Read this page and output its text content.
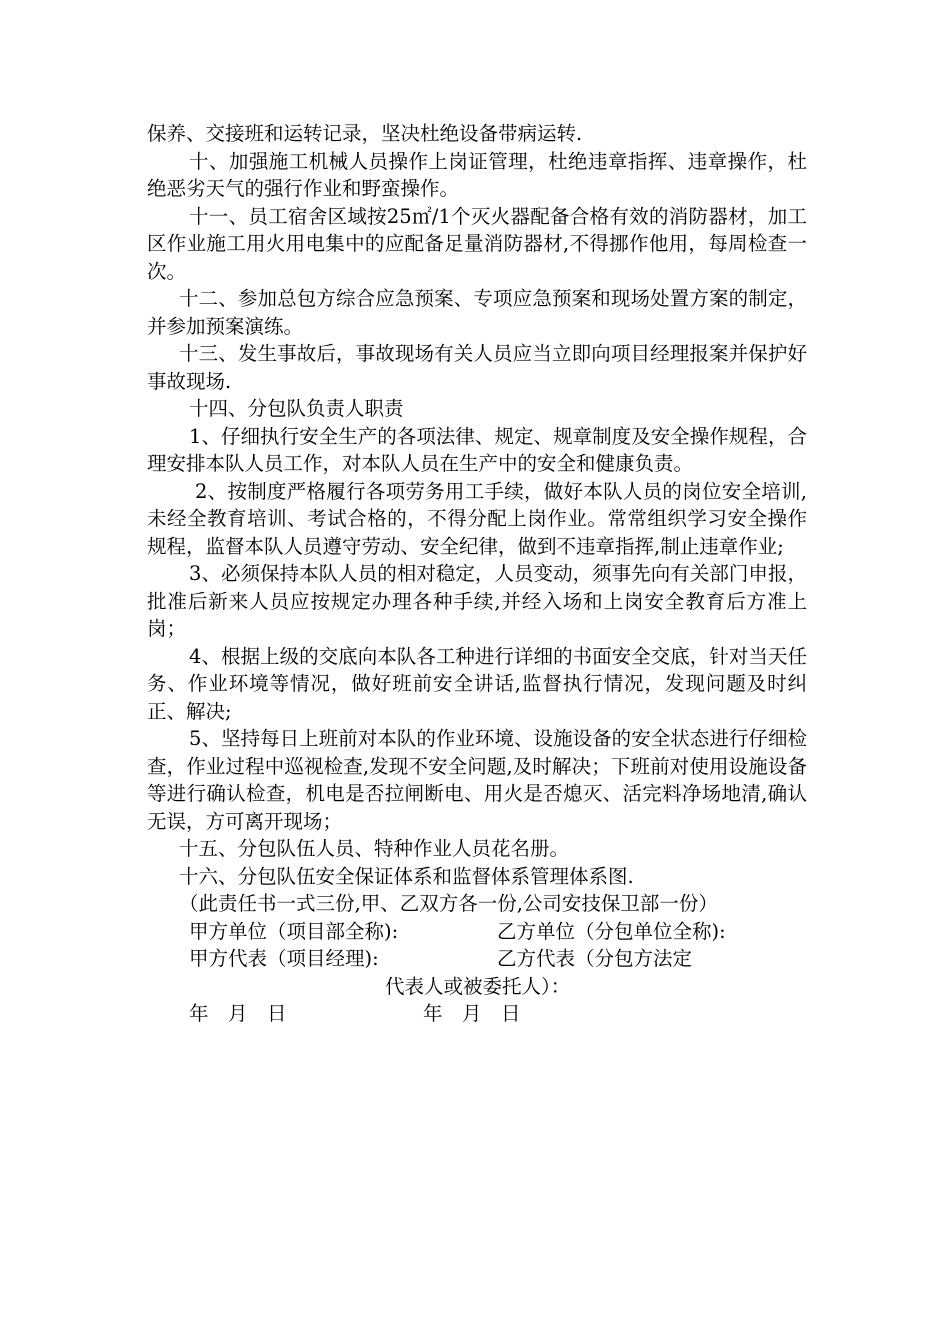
保养、交接班和运转记录，坚决杜绝设备带病运转.

十、加强施工机械人员操作上岗证管理，杜绝违章指挥、违章操作，杜绝恶劣天气的强行作业和野蛮操作。

十一、员工宿舍区域按25㎡/1个灭火器配备合格有效的消防器材，加工区作业施工用火用电集中的应配备足量消防器材,不得挪作他用，每周检查一次。

十二、参加总包方综合应急预案、专项应急预案和现场处置方案的制定，并参加预案演练。

十三、发生事故后，事故现场有关人员应当立即向项目经理报案并保护好事故现场.

十四、分包队负责人职责

1、仔细执行安全生产的各项法律、规定、规章制度及安全操作规程，合理安排本队人员工作，对本队人员在生产中的安全和健康负责。

2、按制度严格履行各项劳务用工手续，做好本队人员的岗位安全培训,未经全教育培训、考试合格的，不得分配上岗作业。常常组织学习安全操作规程，监督本队人员遵守劳动、安全纪律，做到不违章指挥,制止违章作业;

3、必须保持本队人员的相对稳定，人员变动，须事先向有关部门申报，批准后新来人员应按规定办理各种手续,并经入场和上岗安全教育后方准上岗；

4、根据上级的交底向本队各工种进行详细的书面安全交底，针对当天任务、作业环境等情况，做好班前安全讲话,监督执行情况，发现问题及时纠正、解决;

5、坚持每日上班前对本队的作业环境、设施设备的安全状态进行仔细检查，作业过程中巡视检查,发现不安全问题,及时解决；下班前对使用设施设备等进行确认检查，机电是否拉闸断电、用火是否熄灭、活完料净场地清,确认无误，方可离开现场；

十五、分包队伍人员、特种作业人员花名册。

十六、分包队伍安全保证体系和监督体系管理体系图.

（此责任书一式三份,甲、乙双方各一份,公司安技保卫部一份）

甲方单位（项目部全称):	乙方单位（分包单位全称):
甲方代表（项目经理):	乙方代表（分包方法定
代表人或被委托人）：
年　月　日	年　月　日
